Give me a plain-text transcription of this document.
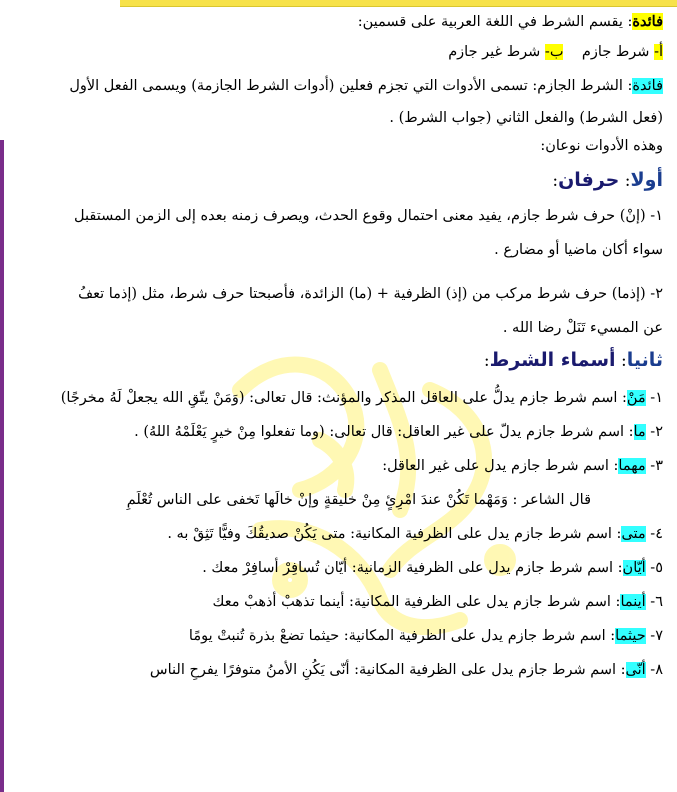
فائدة: يقسم الشرط في اللغة العربية على قسمين:

أ- شرط جازم    ب- شرط غير جازم

فائدة: الشرط الجازم: تسمى الأدوات التي تجزم فعلين (أدوات الشرط الجازمة) ويسمى الفعل الأول

(فعل الشرط) والفعل الثاني (جواب الشرط) .

وهذه الأدوات نوعان:

أولا: حرفان:

١- (إنْ) حرف شرط جازم، يفيد معنى احتمال وقوع الحدث، ويصرف زمنه بعده إلى الزمن المستقبل

سواء أكان ماضيا أو مضارع .

٢- (إذما) حرف شرط مركب من (إذ) الظرفية + (ما) الزائدة، فأصبحتا حرف شرط، مثل (إذما تعفُ

عن المسيء تَنَلْ رضا الله .

ثانيا: أسماء الشرط:

١- مَنْ: اسم شرط جازم يدلُّ على العاقل المذكر والمؤنث: قال تعالى: (وَمَنْ يتّقِ الله يجعلْ لَهُ مخرجًا)

٢- ما: اسم شرط جازم يدلّ على غير العاقل: قال تعالى: (وما تفعلوا مِنْ خيرٍ يَعْلَمْهُ اللهُ) .

٣- مهما: اسم شرط جازم يدل على غير العاقل:

قال الشاعر : وَمَهْما تَكُنْ عندَ امْرِئٍ مِنْ خليقةٍ وإنْ خالَها تَخفى على الناس تُعْلَمِ

٤- متى: اسم شرط جازم يدل على الظرفية المكانية: متى يَكُنْ صديقُكَ وفيًّا تَثِقْ به .

٥- أيّان: اسم شرط جازم يدل على الظرفية الزمانية: أيّان تُسافِرْ أسافِرْ معك .

٦- أينما: اسم شرط جازم يدل على الظرفية المكانية: أينما تذهبْ أذهبْ معك

٧- حيثما: اسم شرط جازم يدل على الظرفية المكانية: حيثما تضعْ بذرة تُنبتْ يومًا

٨- أنّى: اسم شرط جازم يدل على الظرفية المكانية: أنّى يَكُنِ الأمنُ متوفرًا يفرحِ الناس
